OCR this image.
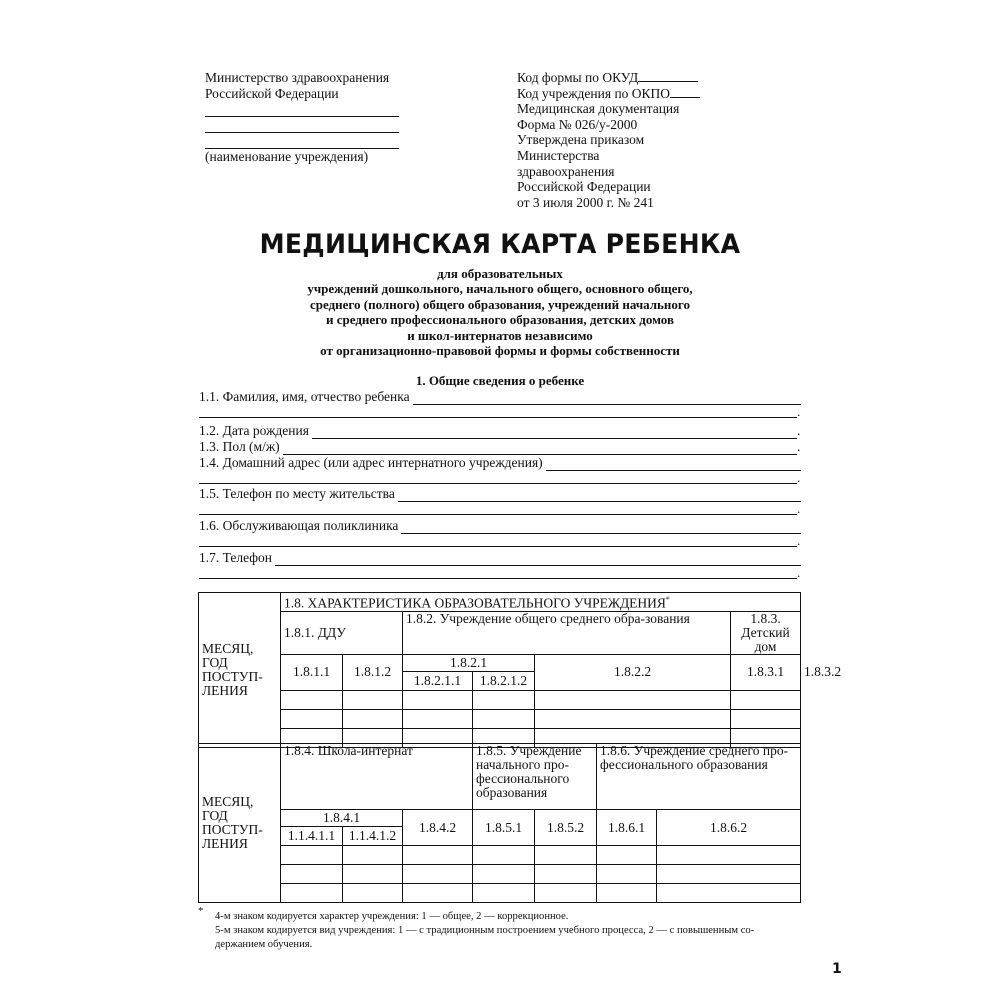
Министерство здравоохранения
Российской Федерации
(наименование учреждения)
Код формы по ОКУД
Код учреждения по ОКПО
Медицинская документация
Форма № 026/у-2000
Утверждена приказом
Министерства
здравоохранения
Российской Федерации
от 3 июля 2000 г. № 241
МЕДИЦИНСКАЯ КАРТА РЕБЕНКА
для образовательных
учреждений дошкольного, начального общего, основного общего,
среднего (полного) общего образования, учреждений начального
и среднего профессионального образования, детских домов
и школ-интернатов независимо
от организационно-правовой формы и формы собственности
1. Общие сведения о ребенке
1.1. Фамилия, имя, отчество ребенка
.
1.2. Дата рождения	.
1.3. Пол (м/ж)	.
1.4. Домашний адрес (или адрес интернатного учреждения)
.
1.5. Телефон по месту жительства
.
1.6. Обслуживающая поликлиника
.
1.7. Телефон
.
МЕСЯЦ,
ГОД
ПОСТУП-
ЛЕНИЯ	1.8. ХАРАКТЕРИСТИКА ОБРАЗОВАТЕЛЬНОГО УЧРЕЖДЕНИЯ*
	1.8.1. ДДУ		1.8.2. Учреждение общего среднего обра-зования			1.8.3. Детский дом	
	1.8.1.1	1.8.1.2	1.8.2.1		1.8.2.2	1.8.3.1	1.8.3.2
			1.8.2.1.1	1.8.2.1.2			

МЕСЯЦ,
ГОД
ПОСТУП-
ЛЕНИЯ	1.8.4. Школа-интернат			1.8.5. Учреждение начального про-фессионального образования		1.8.6. Учреждение среднего про-фессионального образования	
	1.8.4.1		1.8.4.2	1.8.5.1	1.8.5.2	1.8.6.1	1.8.6.2
	1.1.4.1.1	1.1.4.1.2					

* 4-м знаком кодируется характер учреждения: 1 — общее, 2 — коррекционное.
5-м знаком кодируется вид учреждения: 1 — с традиционным построением учебного процесса, 2 — с повышенным со-
держанием обучения.
1
